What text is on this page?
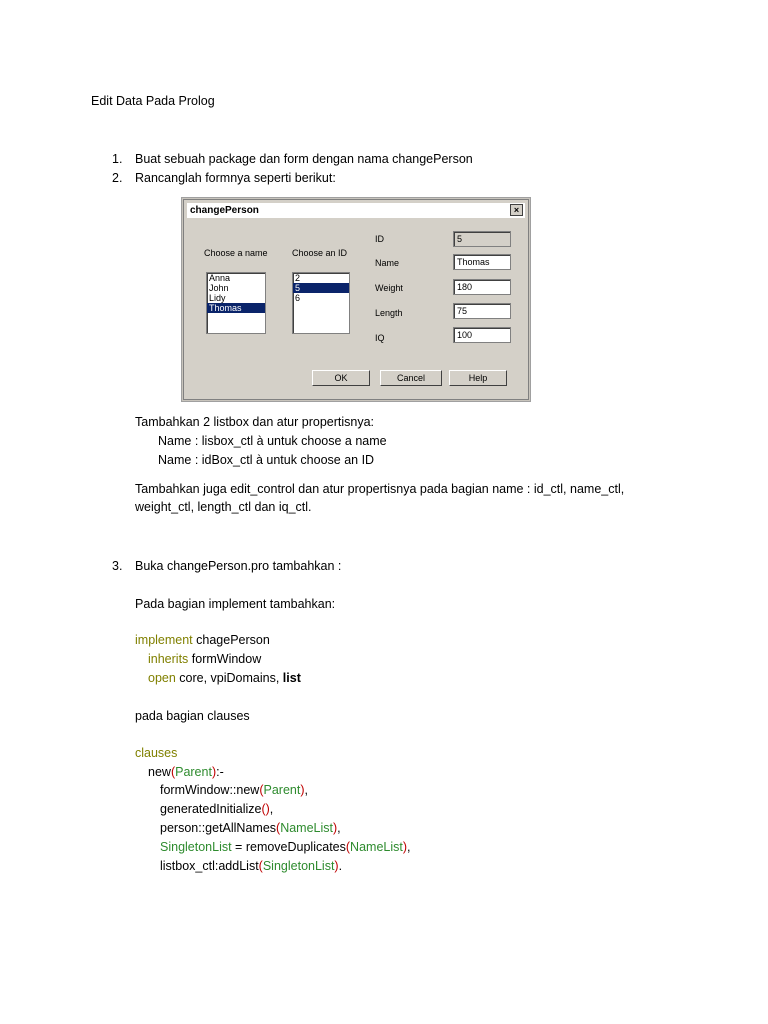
Edit Data Pada Prolog
1. Buat sebuah package dan form dengan nama changePerson
2. Rancanglah formnya seperti berikut:
changePerson	×
Choose a name	Choose an ID
Anna
John
Lidy
Thomas
2
5
6
ID	5
Name	Thomas
Weight	180
Length	75
IQ	100
OK	Cancel	Help
Tambahkan 2 listbox dan atur propertisnya:
Name : lisbox_ctl à untuk choose a name
Name : idBox_ctl à untuk choose an ID
Tambahkan juga edit_control dan atur propertisnya pada bagian name : id_ctl, name_ctl,
weight_ctl, length_ctl dan iq_ctl.
3. Buka changePerson.pro tambahkan :
Pada bagian implement tambahkan:
implement chagePerson
inherits formWindow
open core, vpiDomains, list
pada bagian clauses
clauses
new(Parent):-
formWindow::new(Parent),
generatedInitialize(),
person::getAllNames(NameList),
SingletonList = removeDuplicates(NameList),
listbox_ctl:addList(SingletonList).
